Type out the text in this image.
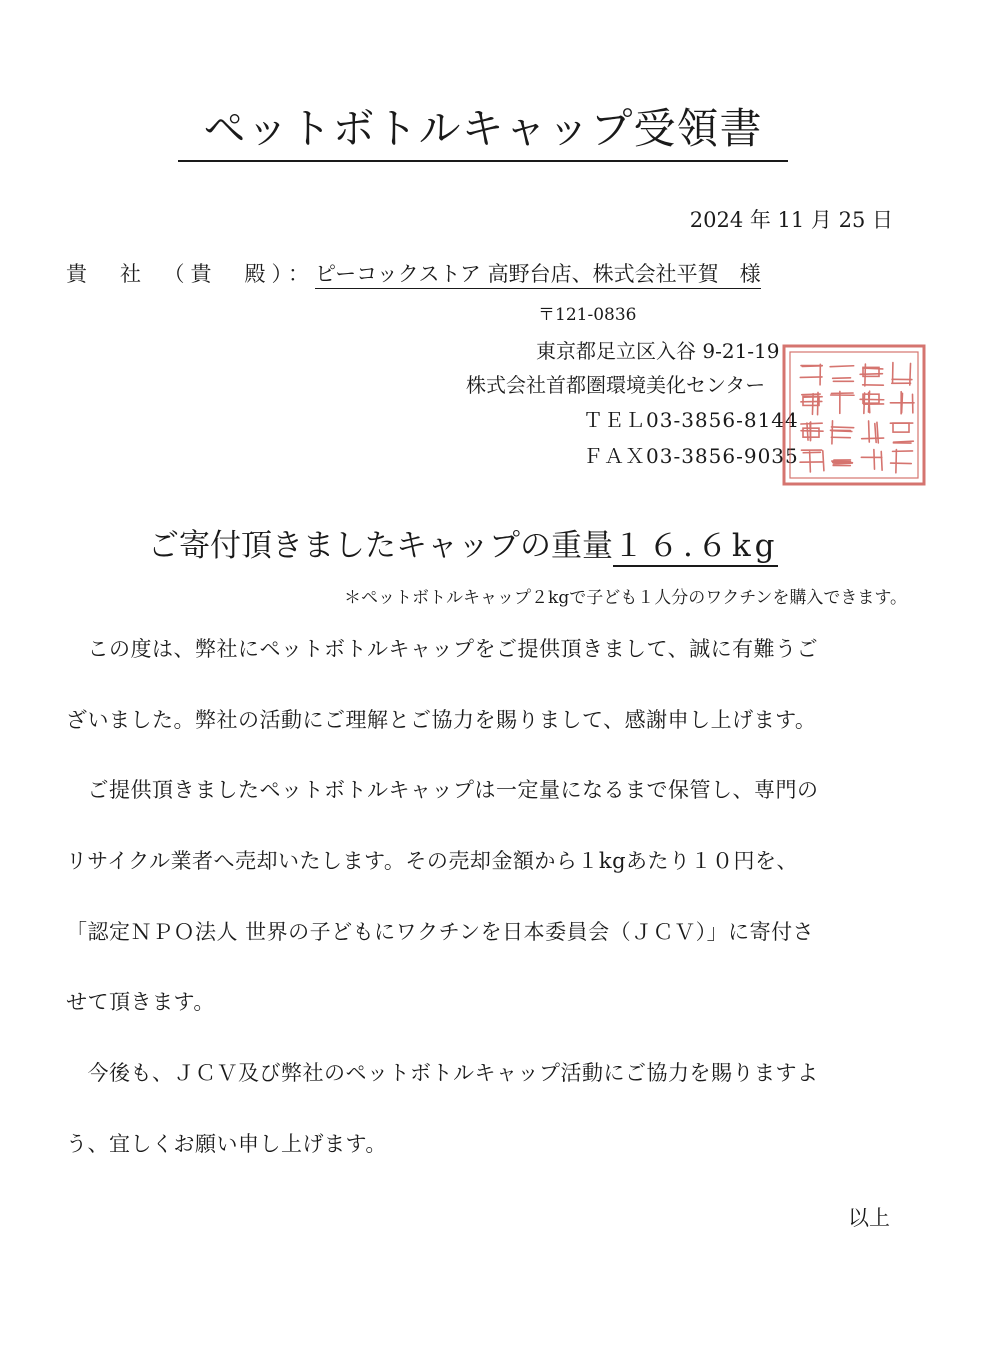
ペットボトルキャップ受領書
2024 年 11 月 25 日
貴　社　（貴　殿）：ピーコックストア 高野台店、株式会社平賀　様
〒121-0836
東京都足立区入谷 9-21-19
株式会社首都圏環境美化センター
ＴＥＬ03-3856-8144
ＦＡＸ03-3856-9035
ご寄付頂きましたキャップの重量１６.６kg
＊ペットボトルキャップ２kgで子ども１人分のワクチンを購入できます。
　この度は、弊社にペットボトルキャップをご提供頂きまして、誠に有難うご
ざいました。弊社の活動にご理解とご協力を賜りまして、感謝申し上げます。
　ご提供頂きましたペットボトルキャップは一定量になるまで保管し、専門の
リサイクル業者へ売却いたします。その売却金額から１kgあたり１０円を、
「認定ＮＰＯ法人 世界の子どもにワクチンを日本委員会（ＪＣＶ）」に寄付さ
せて頂きます。
　今後も、ＪＣＶ及び弊社のペットボトルキャップ活動にご協力を賜りますよ
う、宜しくお願い申し上げます。
以上
